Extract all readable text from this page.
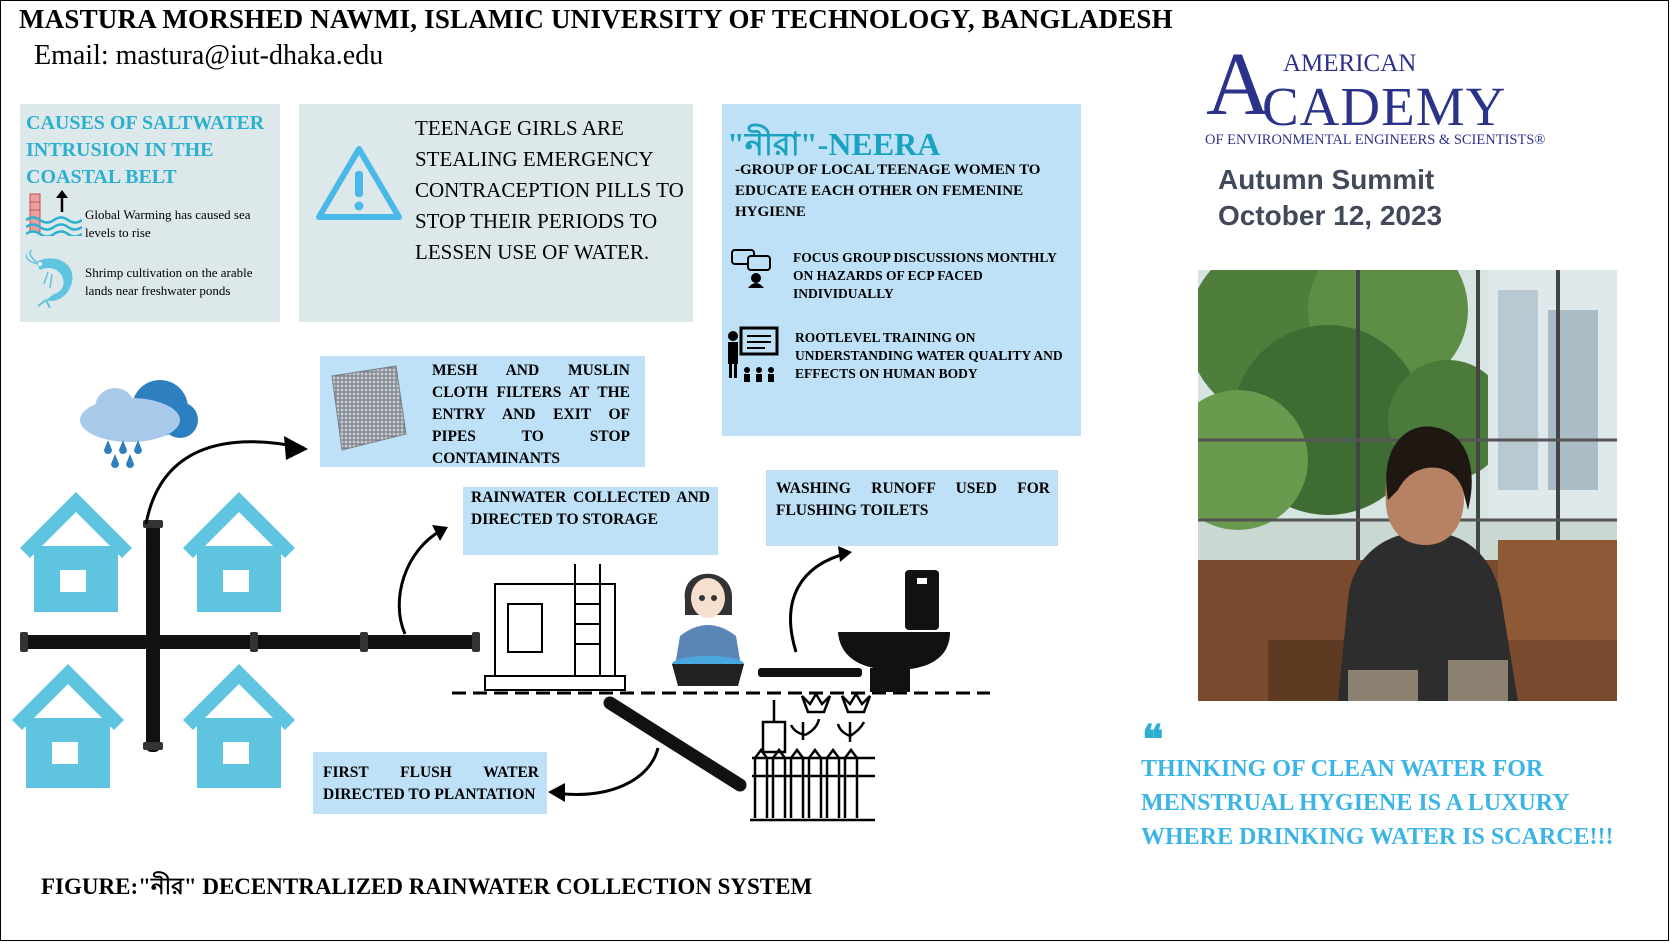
MASTURA MORSHED NAWMI, ISLAMIC UNIVERSITY OF TECHNOLOGY, BANGLADESH
Email: mastura@iut-dhaka.edu
CAUSES OF SALTWATER INTRUSION IN THE COASTAL BELT
Global Warming has caused sea levels to rise
Shrimp cultivation on the arable lands near freshwater ponds
TEENAGE GIRLS ARE STEALING EMERGENCY CONTRACEPTION PILLS TO STOP THEIR PERIODS TO LESSEN USE OF WATER.
"নীরা"-NEERA
-GROUP OF LOCAL TEENAGE WOMEN TO EDUCATE EACH OTHER ON FEMENINE HYGIENE
FOCUS GROUP DISCUSSIONS MONTHLY ON HAZARDS OF ECP FACED INDIVIDUALLY
ROOTLEVEL TRAINING ON UNDERSTANDING WATER QUALITY AND EFFECTS ON HUMAN BODY
MESH AND MUSLIN CLOTH FILTERS AT THE ENTRY AND EXIT OF PIPES TO STOP CONTAMINANTS
RAINWATER COLLECTED AND DIRECTED TO STORAGE
WASHING RUNOFF USED FOR FLUSHING TOILETS
FIRST FLUSH WATER DIRECTED TO PLANTATION
FIGURE:"নীর" DECENTRALIZED RAINWATER COLLECTION SYSTEM
A AMERICAN
CADEMY
OF ENVIRONMENTAL ENGINEERS & SCIENTISTS®
Autumn Summit
October 12, 2023
❝
THINKING OF CLEAN WATER FOR MENSTRUAL HYGIENE IS A LUXURY WHERE DRINKING WATER IS SCARCE!!!
